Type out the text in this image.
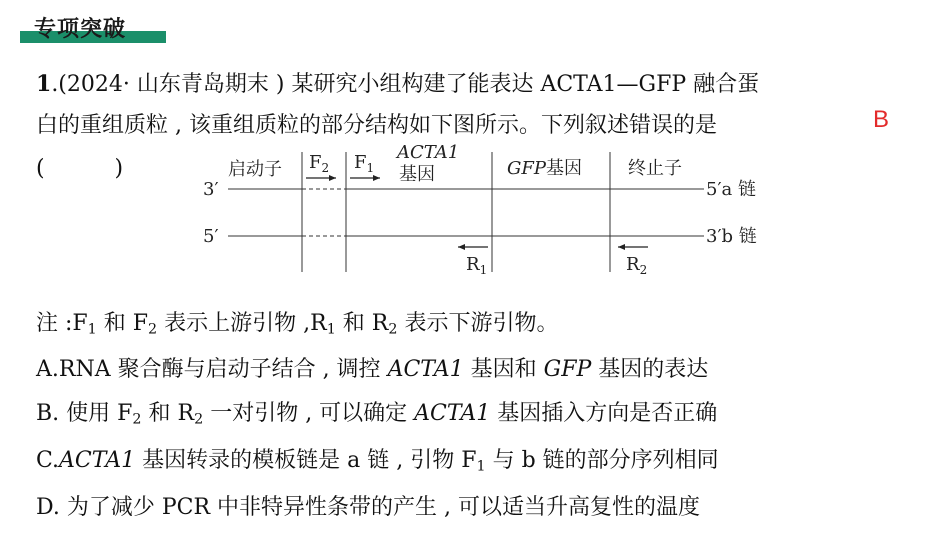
专项突破
1.(2024· 山东青岛期末 ) 某研究小组构建了能表达 ACTA1—GFP 融合蛋
白的重组质粒 , 该重组质粒的部分结构如下图所示。下列叙述错误的是	B
(          )	启动子 $F_2$ $F_1$
ACTA1
基因	GFP基因	终止子
3′	5′a 链
5′	3′b 链
$R_1$	$R_2$
注 $:F_1$ 和 $F_2$ 表示上游引物 $,R_1$ 和 $R_2$ 表示下游引物。
A.RNA 聚合酶与启动子结合 , 调控 ACTA1 基因和 GFP 基因的表达
B. 使用 $F_2$ 和 $R_2$ 一对引物 , 可以确定 ACTA1 基因插入方向是否正确
C.ACTA1 基因转录的模板链是 a 链 , 引物 $F_1$ 与 b 链的部分序列相同
D. 为了减少 PCR 中非特异性条带的产生 , 可以适当升高复性的温度
